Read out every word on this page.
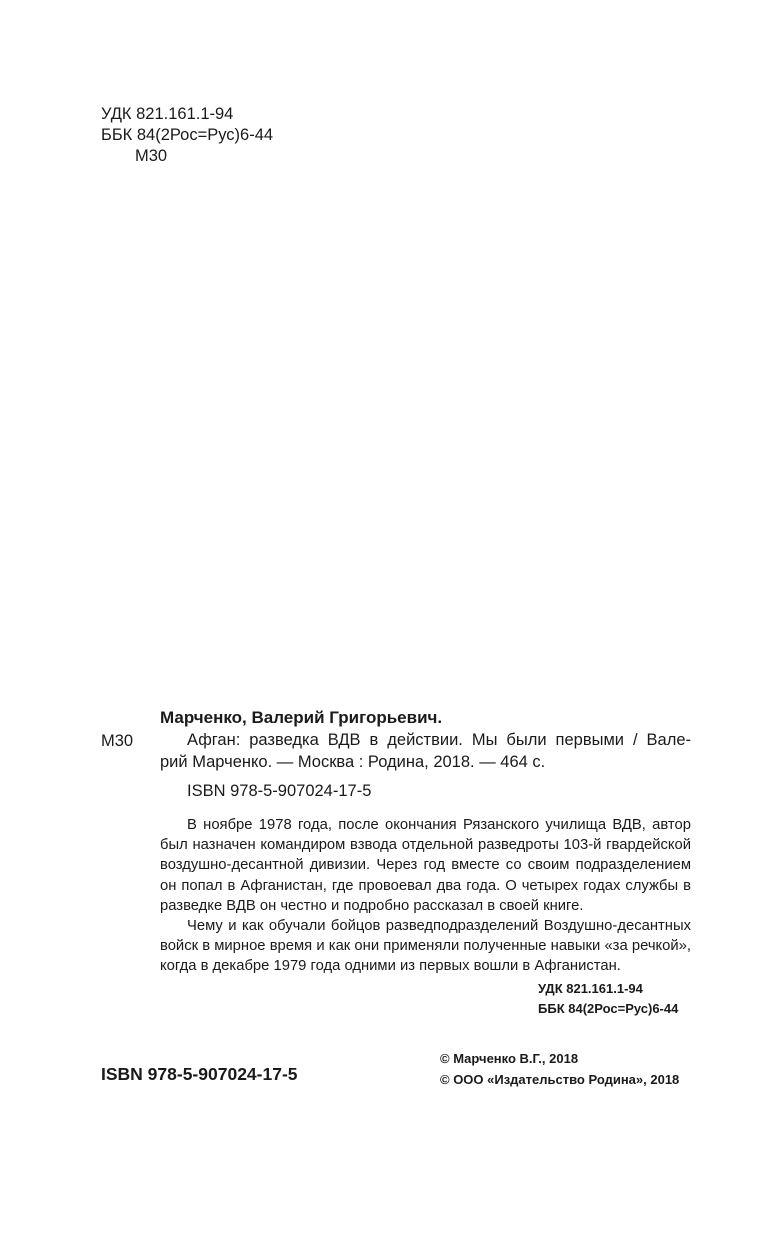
УДК 821.161.1-94
ББК 84(2Рос=Рус)6-44
М30
М30
Марченко, Валерий Григорьевич.
Афган: разведка ВДВ в действии. Мы были первыми / Вале-
рий Марченко. — Москва : Родина, 2018. — 464 с.
ISBN 978-5-907024-17-5

В ноябре 1978 года, после окончания Рязанского училища ВДВ, автор был назначен командиром взвода отдельной разведроты 103-й гвардейской воздушно-десантной дивизии. Через год вместе со своим подразделением он попал в Афганистан, где провоевал два года. О четырех годах службы в разведке ВДВ он честно и подробно рассказал в своей книге.

Чему и как обучали бойцов разведподразделений Воздушно-десантных войск в мирное время и как они применяли полученные навыки «за речкой», когда в декабре 1979 года одними из первых вошли в Афганистан.

УДК 821.161.1-94
ББК 84(2Рос=Рус)6-44
ISBN 978-5-907024-17-5
© Марченко В.Г., 2018
© ООО «Издательство Родина», 2018
